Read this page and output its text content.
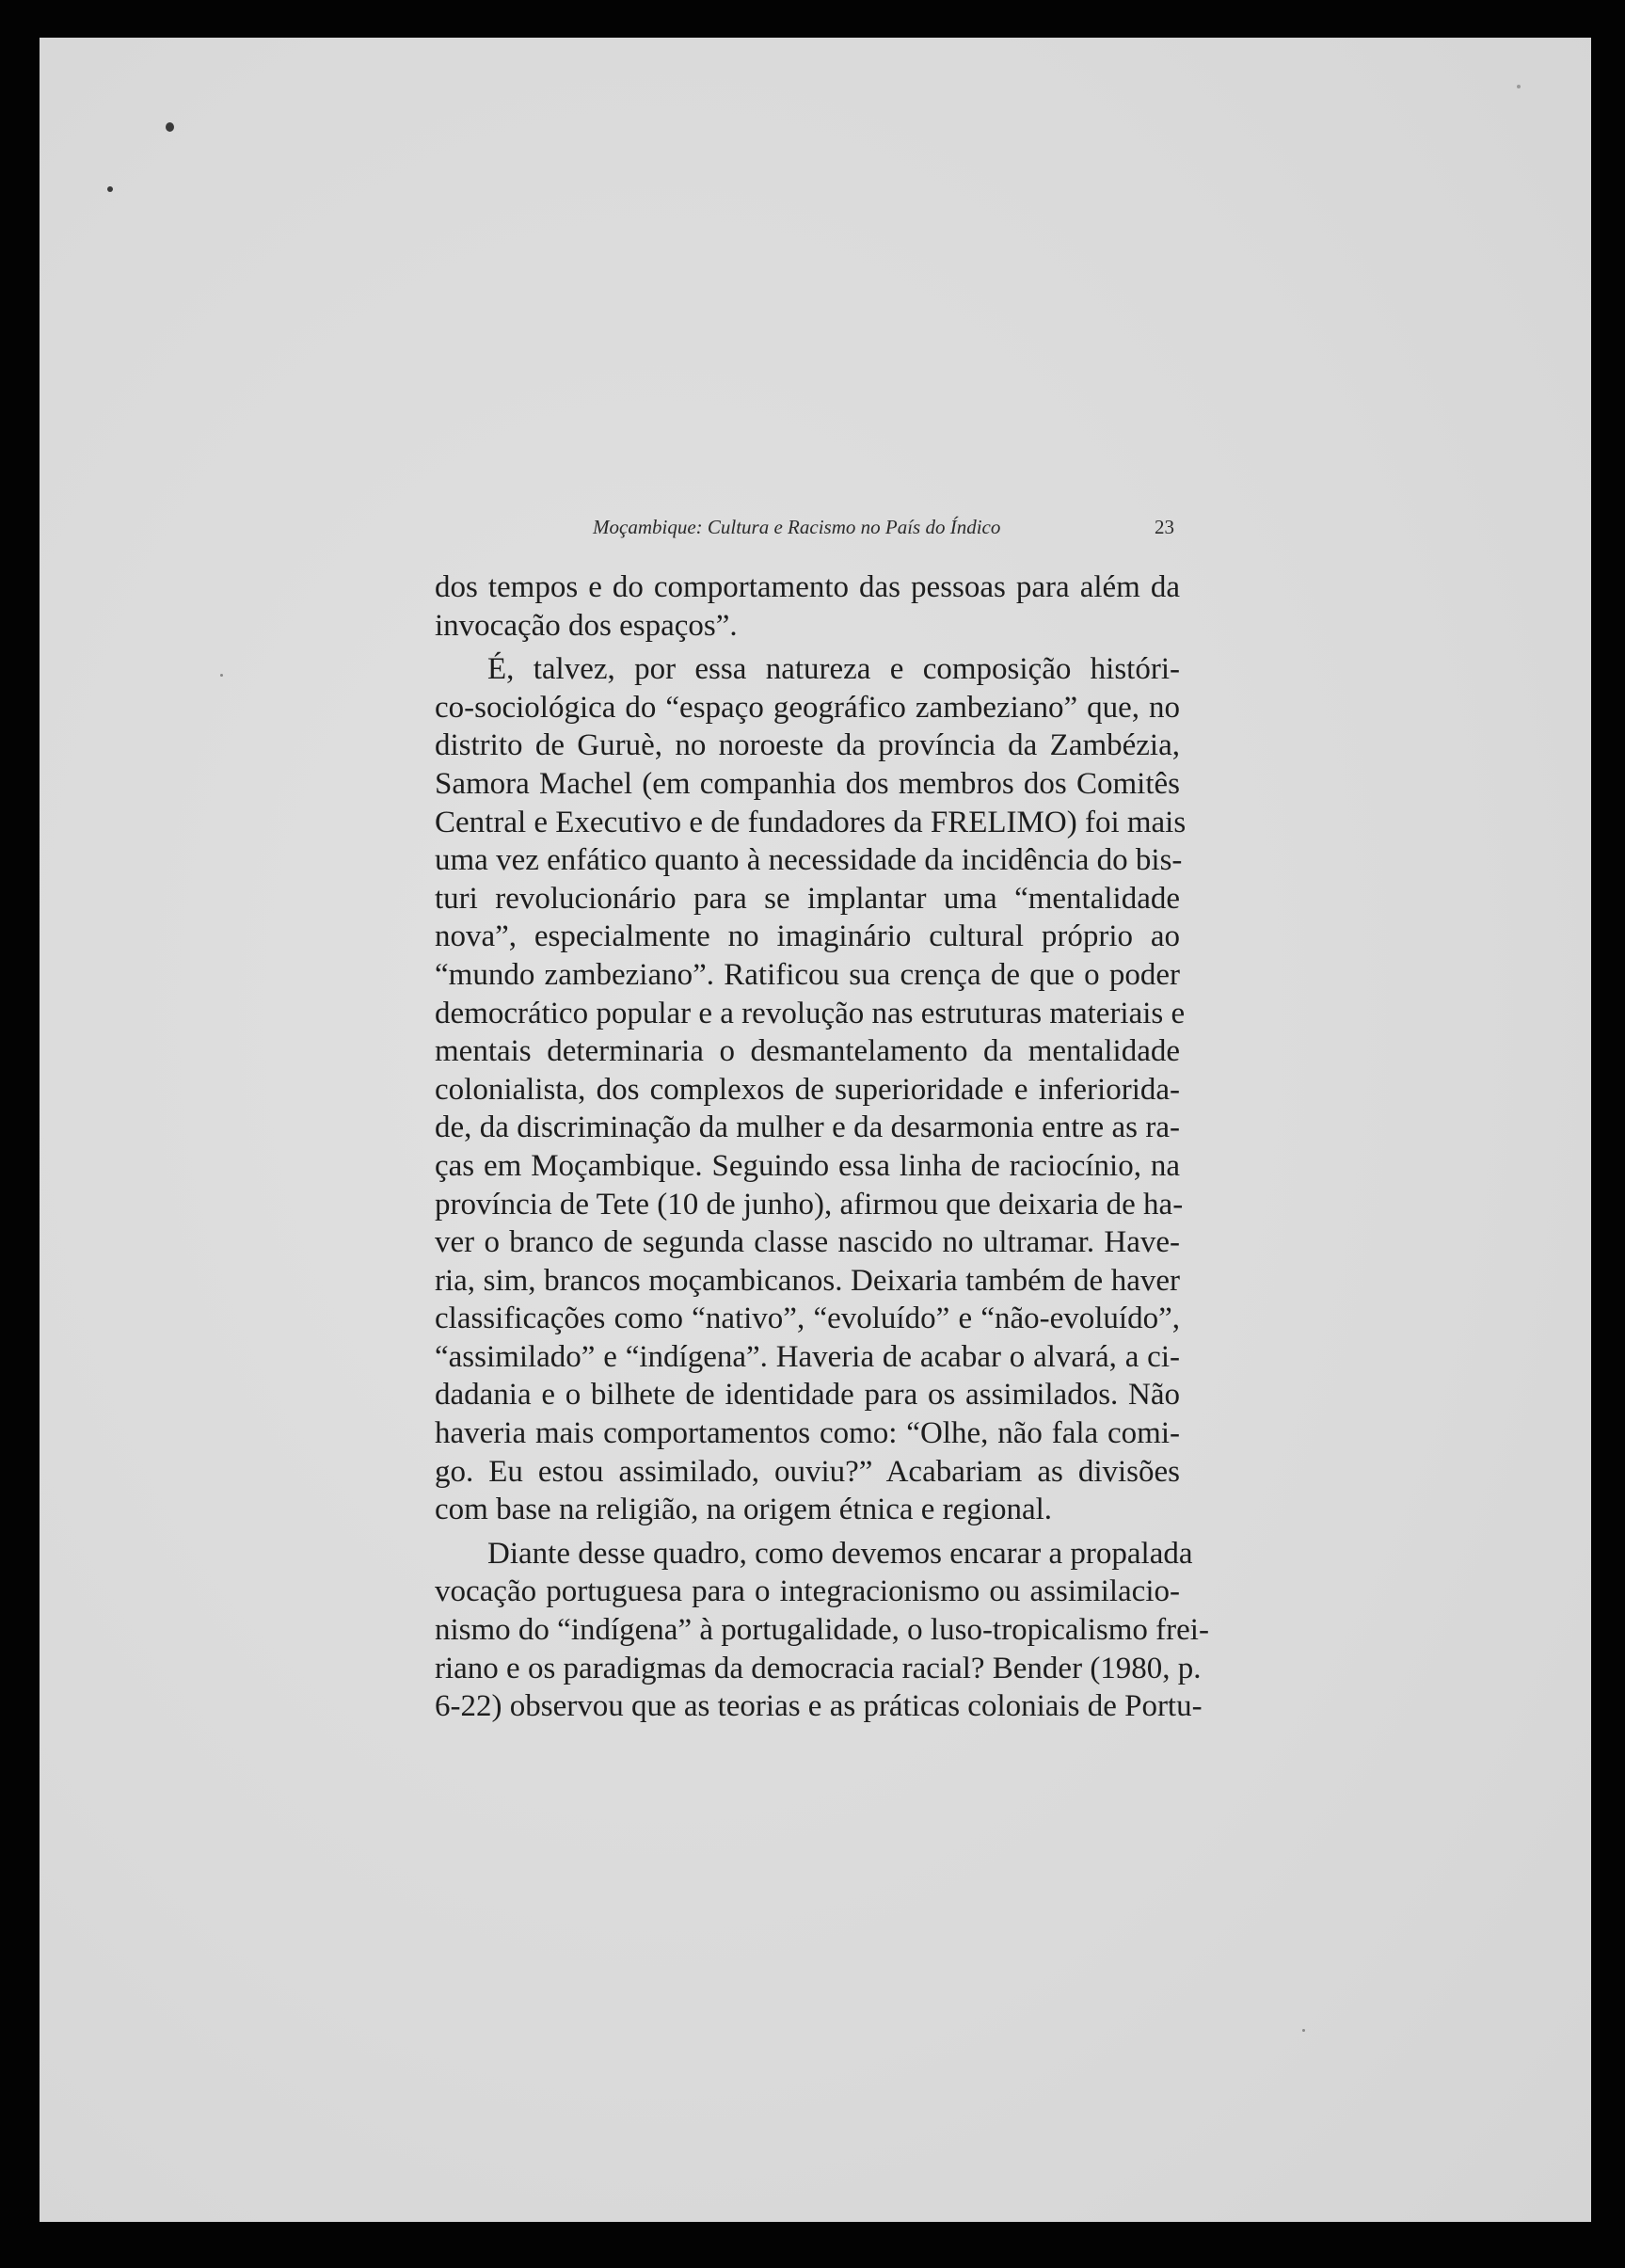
Moçambique: Cultura e Racismo no País do Índico	23
dos tempos e do comportamento das pessoas para além da
invocação dos espaços”.
É, talvez, por essa natureza e composição históri-
co-sociológica do “espaço geográfico zambeziano” que, no
distrito de Guruè, no noroeste da província da Zambézia,
Samora Machel (em companhia dos membros dos Comitês
Central e Executivo e de fundadores da FRELIMO) foi mais
uma vez enfático quanto à necessidade da incidência do bis-
turi revolucionário para se implantar uma “mentalidade
nova”, especialmente no imaginário cultural próprio ao
“mundo zambeziano”. Ratificou sua crença de que o poder
democrático popular e a revolução nas estruturas materiais e
mentais determinaria o desmantelamento da mentalidade
colonialista, dos complexos de superioridade e inferiorida-
de, da discriminação da mulher e da desarmonia entre as ra-
ças em Moçambique. Seguindo essa linha de raciocínio, na
província de Tete (10 de junho), afirmou que deixaria de ha-
ver o branco de segunda classe nascido no ultramar. Have-
ria, sim, brancos moçambicanos. Deixaria também de haver
classificações como “nativo”, “evoluído” e “não-evoluído”,
“assimilado” e “indígena”. Haveria de acabar o alvará, a ci-
dadania e o bilhete de identidade para os assimilados. Não
haveria mais comportamentos como: “Olhe, não fala comi-
go. Eu estou assimilado, ouviu?” Acabariam as divisões
com base na religião, na origem étnica e regional.
Diante desse quadro, como devemos encarar a propalada
vocação portuguesa para o integracionismo ou assimilacio-
nismo do “indígena” à portugalidade, o luso-tropicalismo frei-
riano e os paradigmas da democracia racial? Bender (1980, p.
6-22) observou que as teorias e as práticas coloniais de Portu-
